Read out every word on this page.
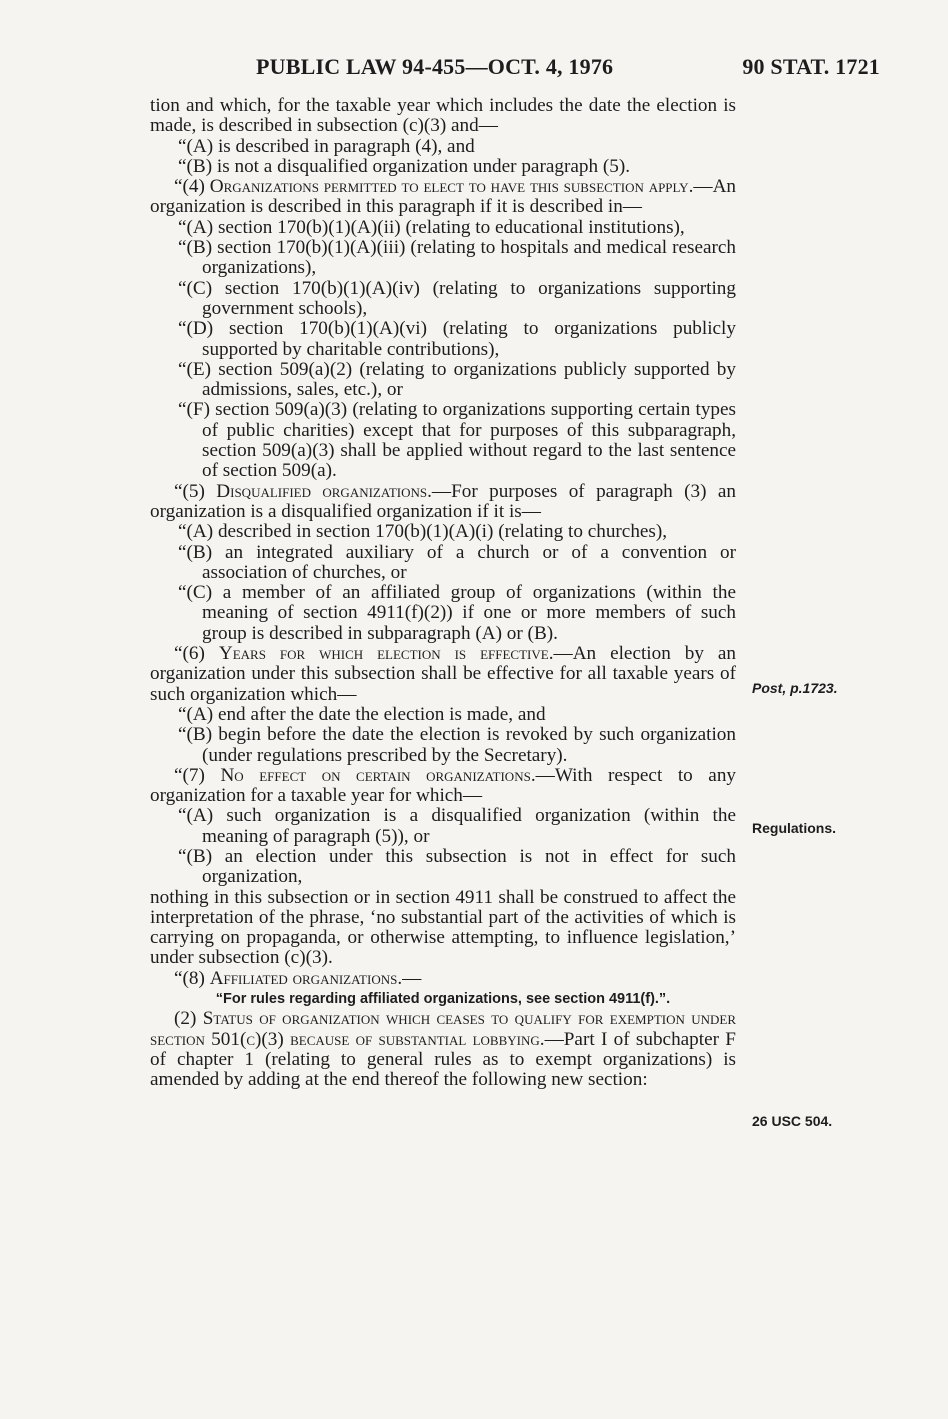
PUBLIC LAW 94-455—OCT. 4, 1976	90 STAT. 1721

tion and which, for the taxable year which includes the date the election is made, is described in subsection (c)(3) and—

“(A) is described in paragraph (4), and

“(B) is not a disqualified organization under paragraph (5).

“(4) Organizations permitted to elect to have this subsection apply.—An organization is described in this paragraph if it is described in—

“(A) section 170(b)(1)(A)(ii) (relating to educational institutions),

“(B) section 170(b)(1)(A)(iii) (relating to hospitals and medical research organizations),

“(C) section 170(b)(1)(A)(iv) (relating to organizations supporting government schools),

“(D) section 170(b)(1)(A)(vi) (relating to organizations publicly supported by charitable contributions),

“(E) section 509(a)(2) (relating to organizations publicly supported by admissions, sales, etc.), or

“(F) section 509(a)(3) (relating to organizations supporting certain types of public charities) except that for purposes of this subparagraph, section 509(a)(3) shall be applied without regard to the last sentence of section 509(a).

“(5) Disqualified organizations.—For purposes of paragraph (3) an organization is a disqualified organization if it is—

“(A) described in section 170(b)(1)(A)(i) (relating to churches),

“(B) an integrated auxiliary of a church or of a convention or association of churches, or

“(C) a member of an affiliated group of organizations (within the meaning of section 4911(f)(2)) if one or more members of such group is described in subparagraph (A) or (B).

“(6) Years for which election is effective.—An election by an organization under this subsection shall be effective for all taxable years of such organization which—

“(A) end after the date the election is made, and

“(B) begin before the date the election is revoked by such organization (under regulations prescribed by the Secretary).

“(7) No effect on certain organizations.—With respect to any organization for a taxable year for which—

“(A) such organization is a disqualified organization (within the meaning of paragraph (5)), or

“(B) an election under this subsection is not in effect for such organization,

nothing in this subsection or in section 4911 shall be construed to affect the interpretation of the phrase, ‘no substantial part of the activities of which is carrying on propaganda, or otherwise attempting, to influence legislation,’ under subsection (c)(3).

“(8) Affiliated organizations.—

“For rules regarding affiliated organizations, see section 4911(f).”.

(2) Status of organization which ceases to qualify for exemption under section 501(c)(3) because of substantial lobbying.—Part I of subchapter F of chapter 1 (relating to general rules as to exempt organizations) is amended by adding at the end thereof the following new section:

Post, p.1723.
Regulations.
26 USC 504.
